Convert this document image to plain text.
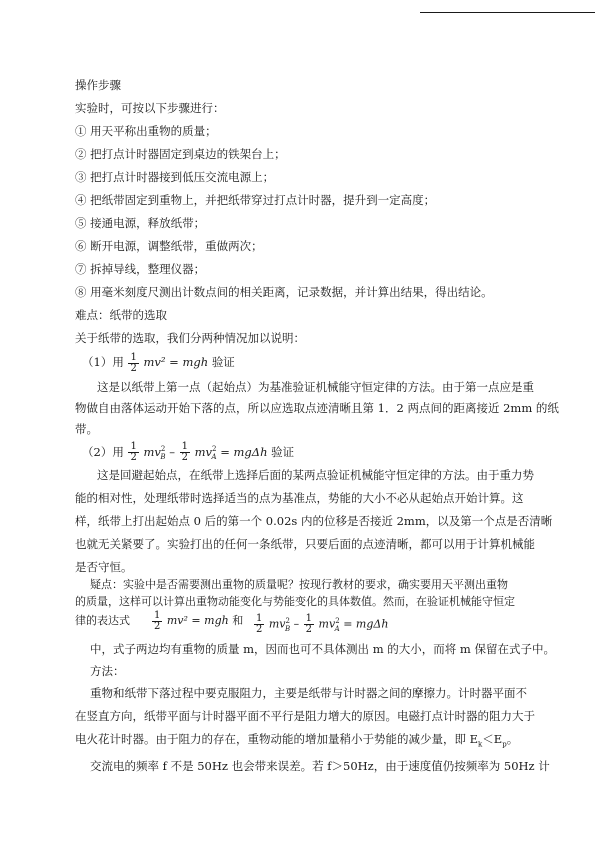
操作步骤
实验时，可按以下步骤进行：
① 用天平称出重物的质量；
② 把打点计时器固定到桌边的铁架台上；
③ 把打点计时器接到低压交流电源上；
④ 把纸带固定到重物上，并把纸带穿过打点计时器，提升到一定高度；
⑤ 接通电源，释放纸带；
⑥ 断开电源，调整纸带，重做两次；
⑦ 拆掉导线，整理仪器；
⑧ 用毫米刻度尺测出计数点间的相关距离，记录数据，并计算出结果，得出结论。
难点：纸带的选取
关于纸带的选取，我们分两种情况加以说明：
（1）用 $\frac{1}{2} mv^2$ = mgh 验证
这是以纸带上第一点（起始点）为基准验证机械能守恒定律的方法。由于第一点应是重
物做自由落体运动开始下落的点，所以应选取点迹清晰且第 1．2 两点间的距离接近 2mm 的纸
带。
（2）用 $\frac{1}{2} mv^2_B - \frac{1}{2} mv^2_A = mg\Delta h$ 验证
这是回避起始点，在纸带上选择后面的某两点验证机械能守恒定律的方法。由于重力势
能的相对性，处理纸带时选择适当的点为基准点，势能的大小不必从起始点开始计算。这
样，纸带上打出起始点 0 后的第一个 0.02s 内的位移是否接近 2mm，以及第一个点是否清晰
也就无关紧要了。实验打出的任何一条纸带，只要后面的点迹清晰，都可以用于计算机械能
是否守恒。
疑点：实验中是否需要测出重物的质量呢？按现行教材的要求，确实要用天平测出重物
的质量，这样可以计算出重物动能变化与势能变化的具体数值。然而，在验证机械能守恒定
律的表达式 $\frac{1}{2} mv^2$ = mgh 和 $\frac{1}{2} mv^2_B - \frac{1}{2} mv^2_A = mg\Delta h$
中，式子两边均有重物的质量 m，因而也可不具体测出 m 的大小，而将 m 保留在式子中。
方法：
重物和纸带下落过程中要克服阻力，主要是纸带与计时器之间的摩擦力。计时器平面不
在竖直方向，纸带平面与计时器平面不平行是阻力增大的原因。电磁打点计时器的阻力大于
电火花计时器。由于阻力的存在，重物动能的增加量稍小于势能的减少量，即 $E_k<E_p$。
交流电的频率 f 不是 50Hz 也会带来误差。若 f＞50Hz，由于速度值仍按频率为 50Hz 计
